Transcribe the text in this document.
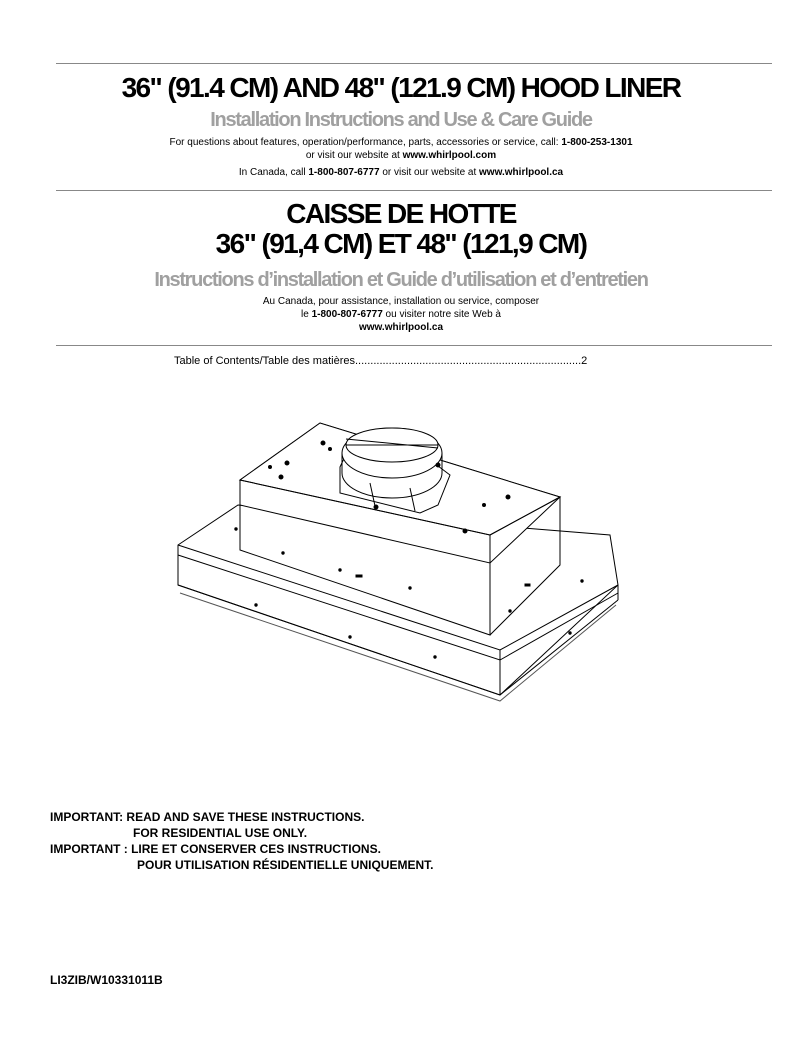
36" (91.4 CM) AND 48" (121.9 CM) HOOD LINER
Installation Instructions and Use & Care Guide
For questions about features, operation/performance, parts, accessories or service, call: 1-800-253-1301
or visit our website at www.whirlpool.com
In Canada, call 1-800-807-6777 or visit our website at www.whirlpool.ca
CAISSE DE HOTTE
36" (91,4 CM) ET 48" (121,9 CM)
Instructions d’installation et Guide d’utilisation et d’entretien
Au Canada, pour assistance, installation ou service, composer
le 1-800-807-6777 ou visiter notre site Web à
www.whirlpool.ca
Table of Contents/Table des matières..........................................................................2
IMPORTANT: READ AND SAVE THESE INSTRUCTIONS.
FOR RESIDENTIAL USE ONLY.
IMPORTANT : LIRE ET CONSERVER CES INSTRUCTIONS.
POUR UTILISATION RÉSIDENTIELLE UNIQUEMENT.
LI3ZIB/W10331011B
